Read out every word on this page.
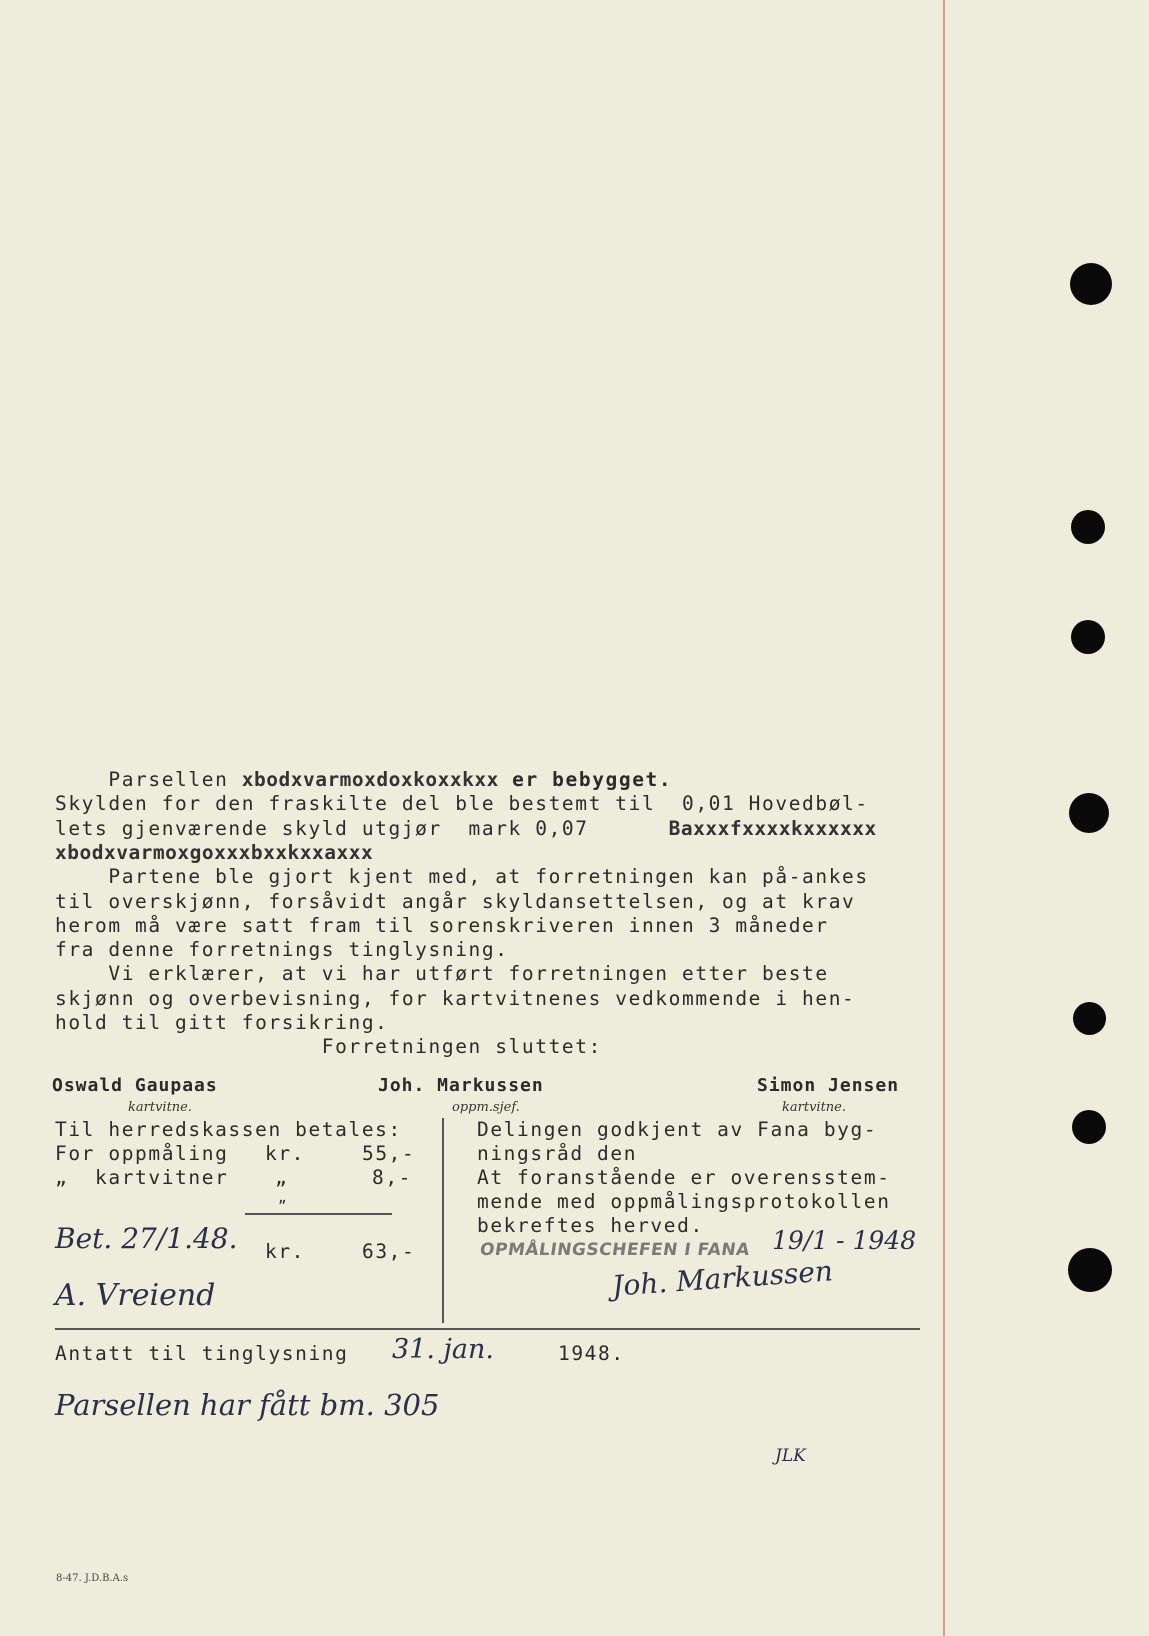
Parsellen xbodxvarmoxdoxkoxxkxx er bebygget.
Skylden for den fraskilte del ble bestemt til  0,01 Hovedbøl-
lets gjenværende skyld utgjør  mark 0,07      Baxxxfxxxxkxxxxxx
xbodxvarmoxgoxxxbxxkxxaxxx
Partene ble gjort kjent med, at forretningen kan på-ankes
til overskjønn, forsåvidt angår skyldansettelsen, og at krav
herom må være satt fram til sorenskriveren innen 3 måneder
fra denne forretnings tinglysning.
Vi erklærer, at vi har utført forretningen etter beste
skjønn og overbevisning, for kartvitnenes vedkommende i hen-
hold til gitt forsikring.
Forretningen sluttet:
Oswald Gaupaas
kartvitne.
Joh. Markussen
oppm.sjef.
Simon Jensen
kartvitne.
Til herredskassen betales:
For oppmåling kr.	55,-
„  kartvitner „	8,-
„
Bet. 27/1.48. kr.	63,-
A. Vreiend
Delingen godkjent av Fana byg-
ningsråd den
At foranstående er overensstem-
mende med oppmålingsprotokollen
bekreftes herved.
OPMÅLINGSCHEFEN I FANA 19/1 - 1948
Joh. Markussen
Antatt til tinglysning 31. jan.	1948.
Parsellen har fått bm. 305
JLK
8-47. J.D.B.A.s
